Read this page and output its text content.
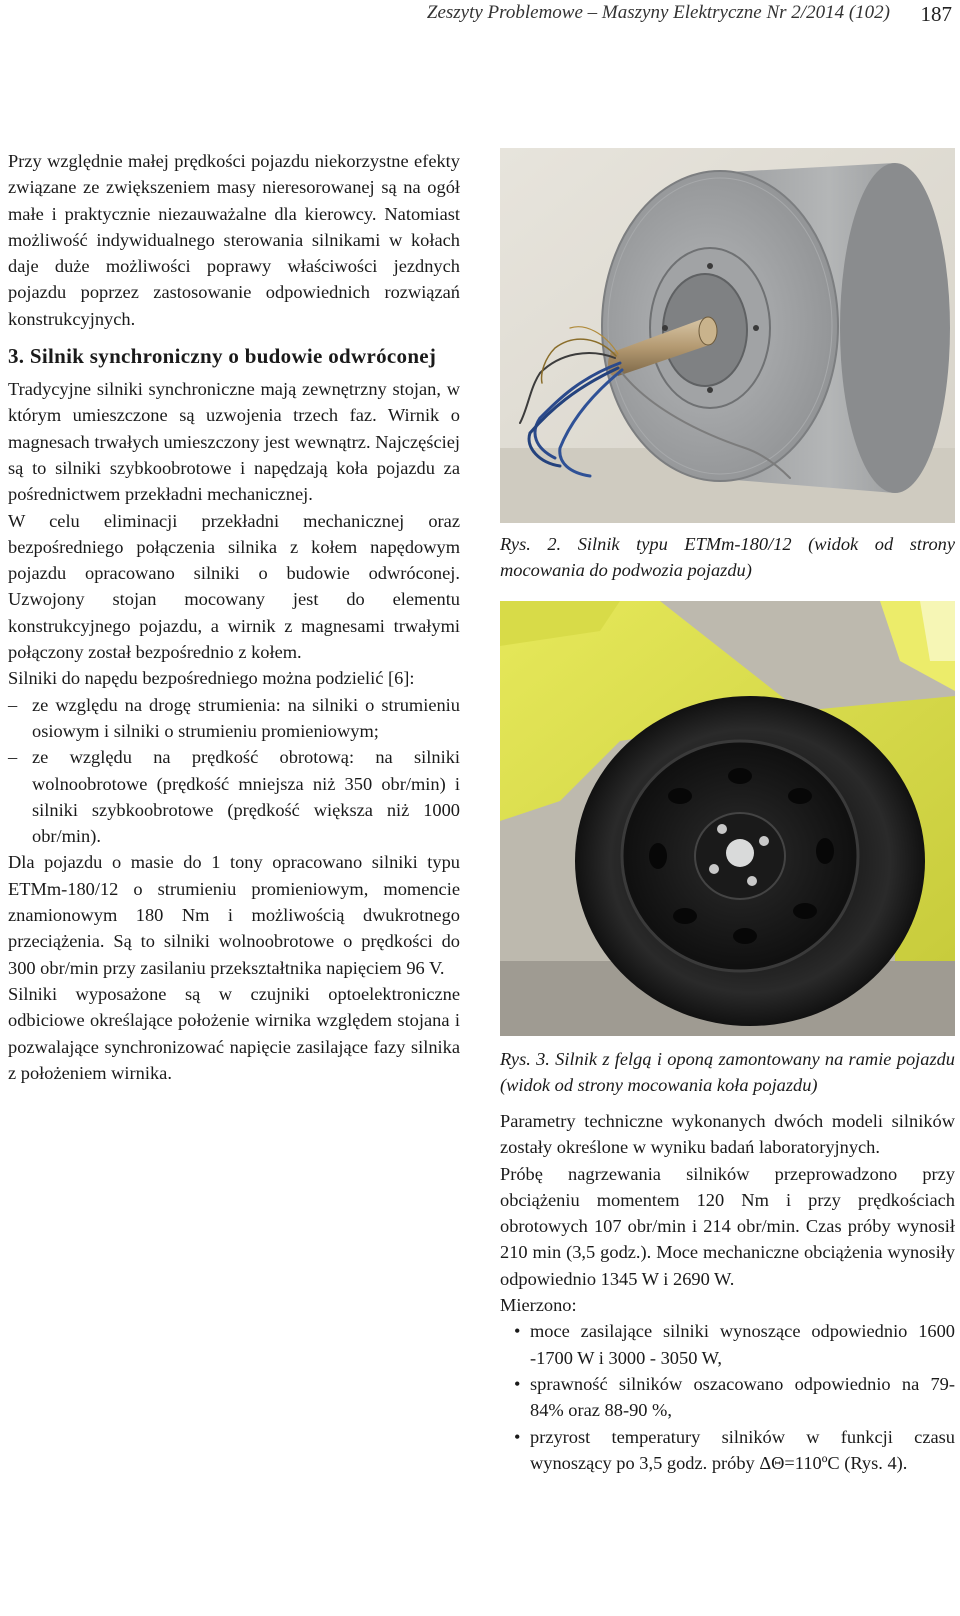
Zeszyty Problemowe – Maszyny Elektryczne Nr 2/2014 (102) 187

Przy względnie małej prędkości pojazdu niekorzystne efekty związane ze zwiększeniem masy nieresorowanej są na ogół małe i praktycznie niezauważalne dla kierowcy. Natomiast możliwość indywidualnego sterowania silnikami w kołach daje duże możliwości poprawy właściwości jezdnych pojazdu poprzez zastosowanie odpowiednich rozwiązań konstrukcyjnych.

3. Silnik synchroniczny o budowie odwróconej

Tradycyjne silniki synchroniczne mają zewnętrzny stojan, w którym umieszczone są uzwojenia trzech faz. Wirnik o magnesach trwałych umieszczony jest wewnątrz. Najczęściej są to silniki szybkoobrotowe i napędzają koła pojazdu za pośrednictwem przekładni mechanicznej.

W celu eliminacji przekładni mechanicznej oraz bezpośredniego połączenia silnika z kołem napędowym pojazdu opracowano silniki o budowie odwróconej. Uzwojony stojan mocowany jest do elementu konstrukcyjnego pojazdu, a wirnik z magnesami trwałymi połączony został bezpośrednio z kołem.

Silniki do napędu bezpośredniego można podzielić [6]:

– ze względu na drogę strumienia: na silniki o strumieniu osiowym i silniki o strumieniu promieniowym;
– ze względu na prędkość obrotową: na silniki wolnoobrotowe (prędkość mniejsza niż 350 obr/min) i silniki szybkoobrotowe (prędkość większa niż 1000 obr/min).

Dla pojazdu o masie do 1 tony opracowano silniki typu ETMm-180/12 o strumieniu promieniowym, momencie znamionowym 180 Nm i możliwością dwukrotnego przeciążenia. Są to silniki wolnoobrotowe o prędkości do 300 obr/min przy zasilaniu przekształtnika napięciem 96 V.

Silniki wyposażone są w czujniki optoelektroniczne odbiciowe określające położenie wirnika względem stojana i pozwalające synchronizować napięcie zasilające fazy silnika z położeniem wirnika.

Rys. 2. Silnik typu ETMm-180/12 (widok od strony mocowania do podwozia pojazdu)

Rys. 3. Silnik z felgą i oponą zamontowany na ramie pojazdu (widok od strony mocowania koła pojazdu)

Parametry techniczne wykonanych dwóch modeli silników zostały określone w wyniku badań laboratoryjnych.

Próbę nagrzewania silników przeprowadzono przy obciążeniu momentem 120 Nm i przy prędkościach obrotowych 107 obr/min i 214 obr/min. Czas próby wynosił 210 min (3,5 godz.). Moce mechaniczne obciążenia wynosiły odpowiednio 1345 W i 2690 W.

Mierzono:

• moce zasilające silniki wynoszące odpowiednio 1600 -1700 W i 3000 - 3050 W,
• sprawność silników oszacowano odpowiednio na 79-84% oraz 88-90 %,
• przyrost temperatury silników w funkcji czasu wynoszący po 3,5 godz. próby ΔΘ=110ºC (Rys. 4).
